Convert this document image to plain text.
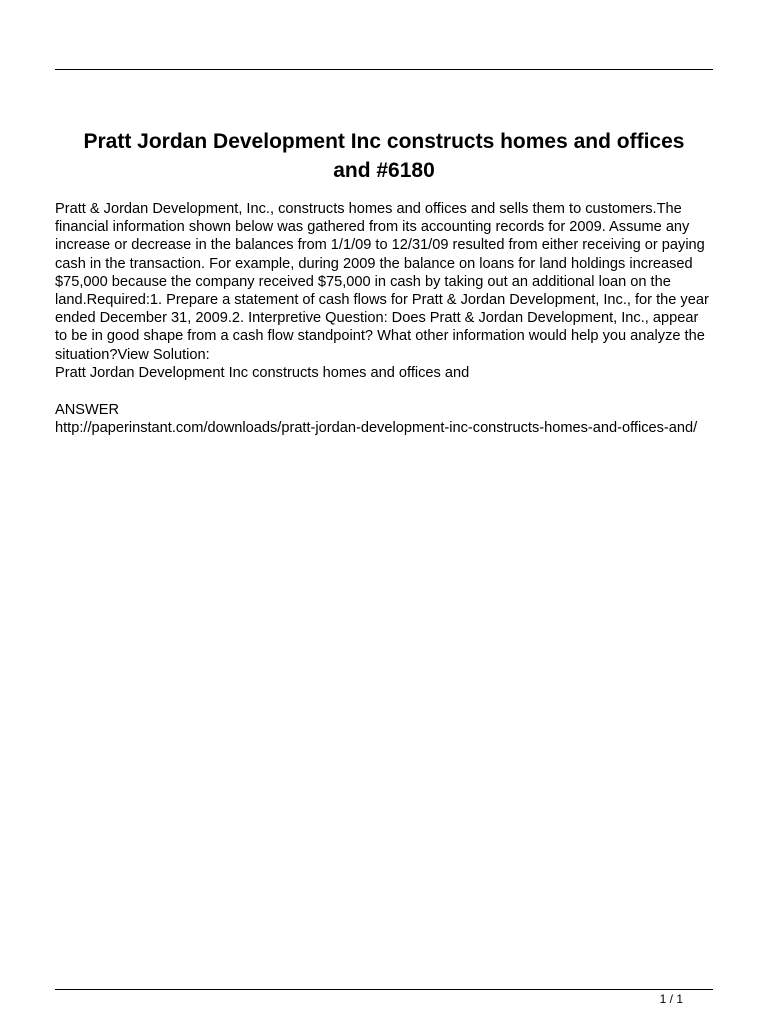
Pratt Jordan Development Inc constructs homes and offices and #6180

Pratt & Jordan Development, Inc., constructs homes and offices and sells them to customers.The financial information shown below was gathered from its accounting records for 2009. Assume any increase or decrease in the balances from 1/1/09 to 12/31/09 resulted from either receiving or paying cash in the transaction. For example, during 2009 the balance on loans for land holdings increased $75,000 because the company received $75,000 in cash by taking out an additional loan on the land.Required:1. Prepare a statement of cash flows for Pratt & Jordan Development, Inc., for the year ended December 31, 2009.2. Interpretive Question: Does Pratt & Jordan Development, Inc., appear to be in good shape from a cash flow standpoint? What other information would help you analyze the situation?View Solution:
Pratt Jordan Development Inc constructs homes and offices and

ANSWER
http://paperinstant.com/downloads/pratt-jordan-development-inc-constructs-homes-and-offices-and/
1 / 1
